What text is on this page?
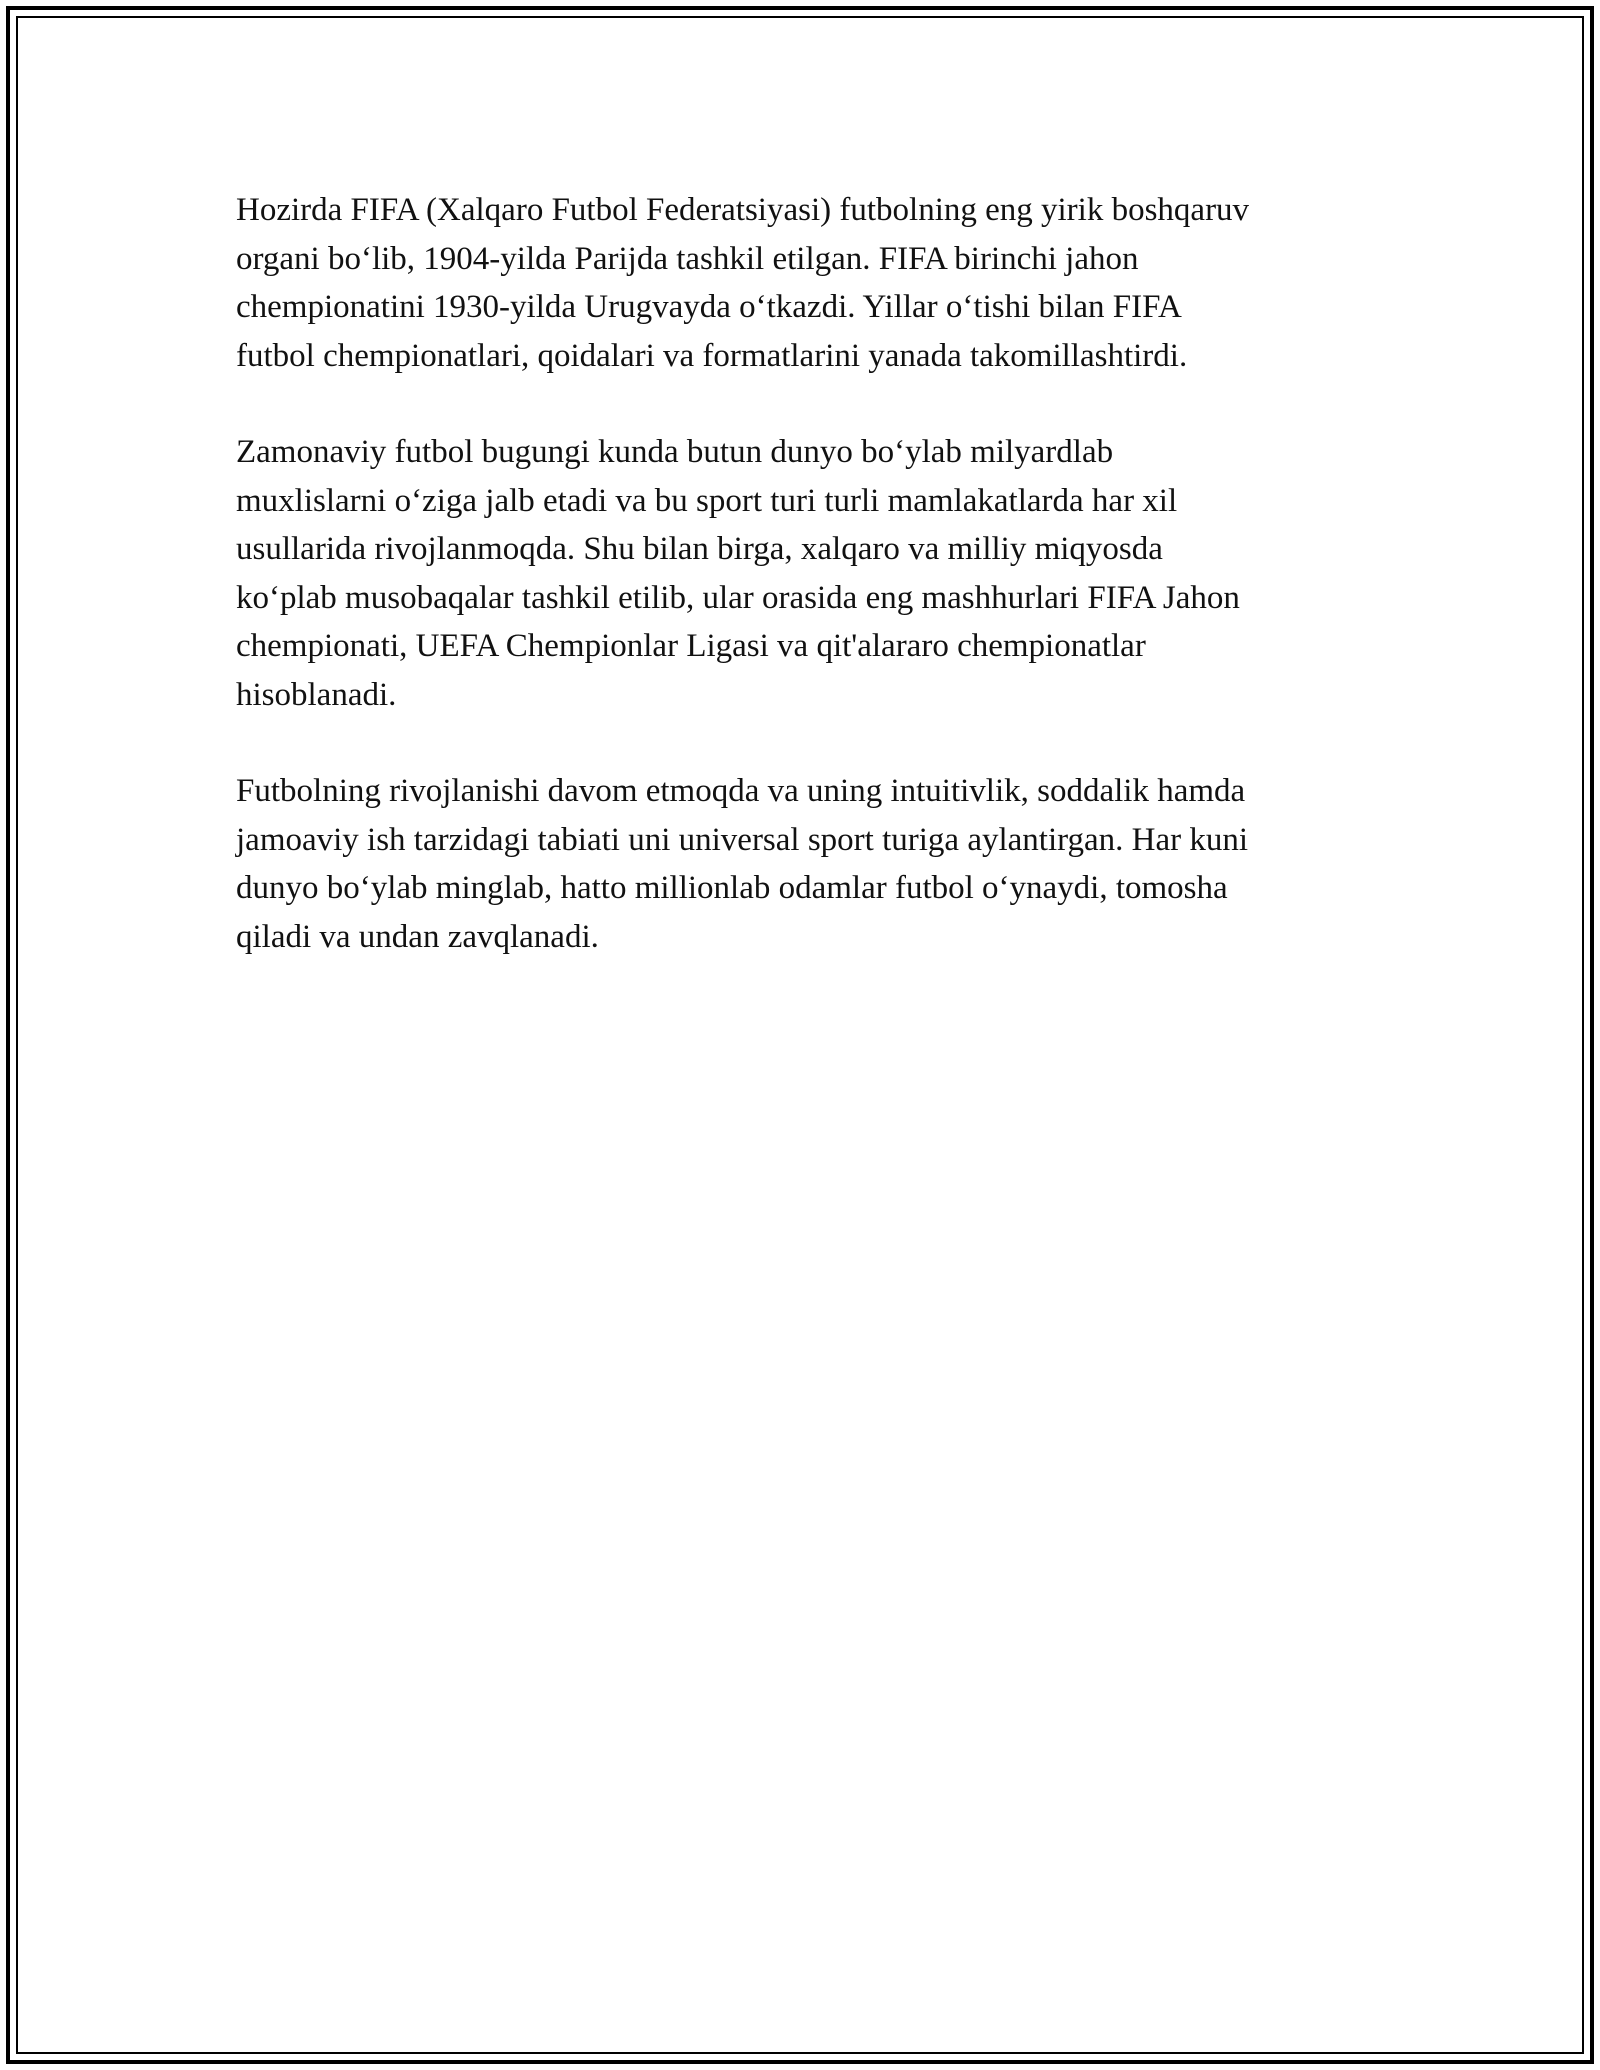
Hozirda FIFA (Xalqaro Futbol Federatsiyasi) futbolning eng yirik boshqaruv
organi bo‘lib, 1904-yilda Parijda tashkil etilgan. FIFA birinchi jahon
chempionatini 1930-yilda Urugvayda o‘tkazdi. Yillar o‘tishi bilan FIFA
futbol chempionatlari, qoidalari va formatlarini yanada takomillashtirdi.

Zamonaviy futbol bugungi kunda butun dunyo bo‘ylab milyardlab
muxlislarni o‘ziga jalb etadi va bu sport turi turli mamlakatlarda har xil
usullarida rivojlanmoqda. Shu bilan birga, xalqaro va milliy miqyosda
ko‘plab musobaqalar tashkil etilib, ular orasida eng mashhurlari FIFA Jahon
chempionati, UEFA Chempionlar Ligasi va qit'alararo chempionatlar
hisoblanadi.

Futbolning rivojlanishi davom etmoqda va uning intuitivlik, soddalik hamda
jamoaviy ish tarzidagi tabiati uni universal sport turiga aylantirgan. Har kuni
dunyo bo‘ylab minglab, hatto millionlab odamlar futbol o‘ynaydi, tomosha
qiladi va undan zavqlanadi.
